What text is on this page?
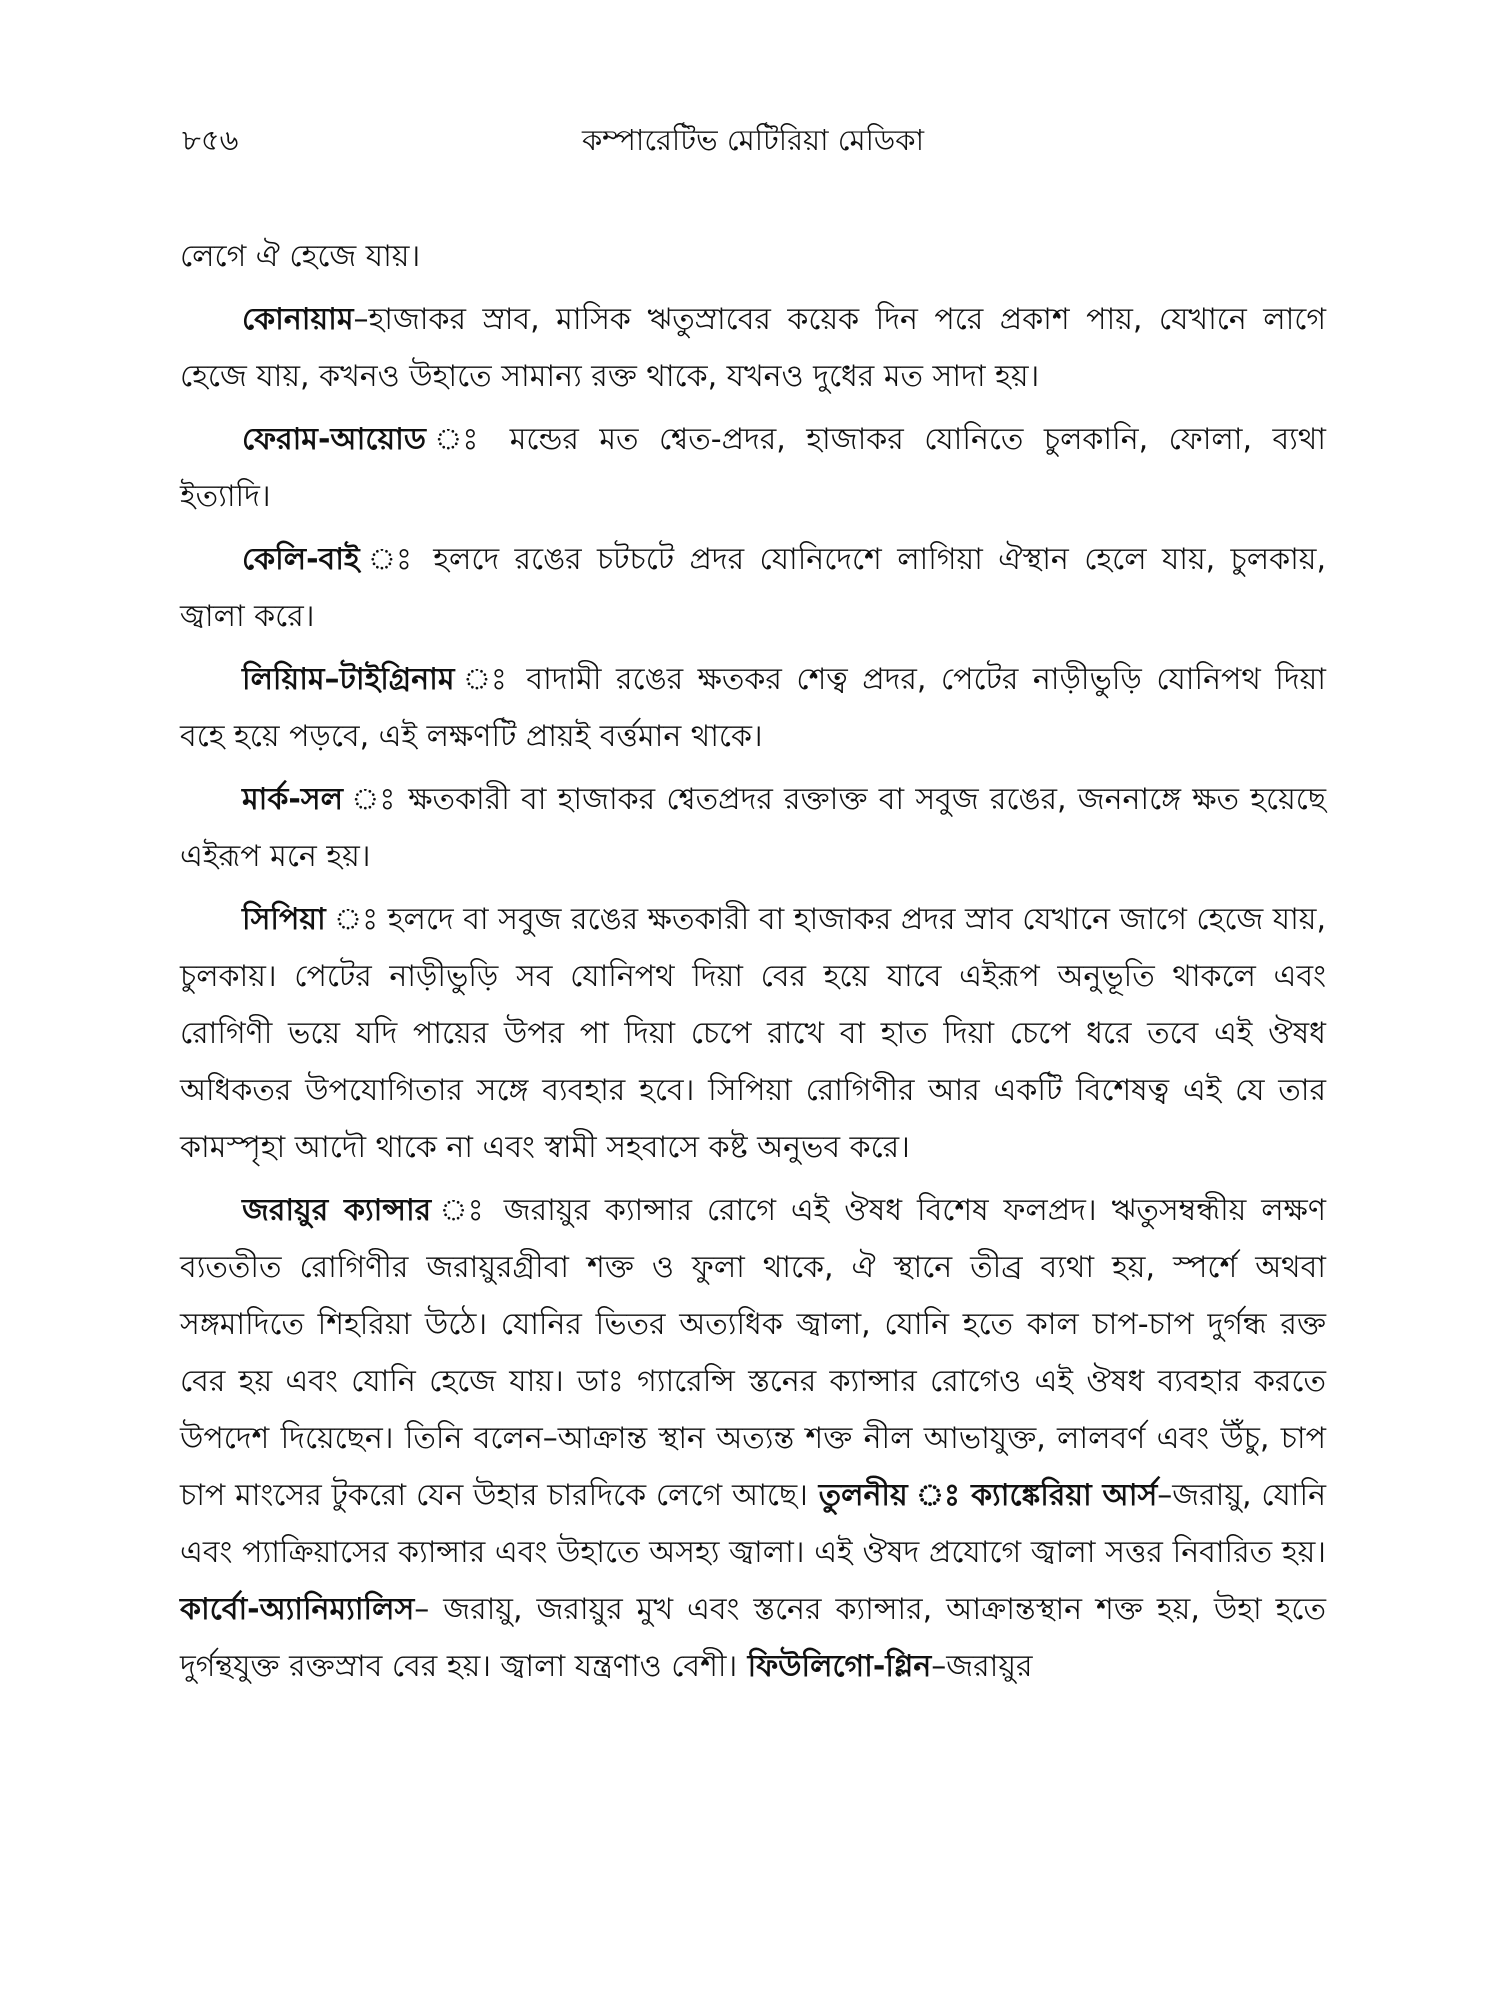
৮৫৬	কম্পারেটিভ মেটিরিয়া মেডিকা

লেগে ঐ হেজে যায়।

কোনায়াম–হাজাকর স্রাব, মাসিক ঋতুস্রাবের কয়েক দিন পরে প্রকাশ পায়, যেখানে লাগে হেজে যায়, কখনও উহাতে সামান্য রক্ত থাকে, যখনও দুধের মত সাদা হয়।

ফেরাম-আয়োড ঃ মন্ডের মত শ্বেত-প্রদর, হাজাকর যোনিতে চুলকানি, ফোলা, ব্যথা ইত্যাদি।

কেলি-বাই ঃ হলদে রঙের চটচটে প্রদর যোনিদেশে লাগিয়া ঐস্থান হেলে যায়, চুলকায়, জ্বালা করে।

লিয়িাম–টাইগ্রিনাম ঃ বাদামী রঙের ক্ষতকর শেত্ব প্রদর, পেটের নাড়ীভুড়ি যোনিপথ দিয়া বহে হয়ে পড়বে, এই লক্ষণটি প্রায়ই বর্ত্তমান থাকে।

মার্ক-সল ঃ ক্ষতকারী বা হাজাকর শ্বেতপ্রদর রক্তাক্ত বা সবুজ রঙের, জননাঙ্গে ক্ষত হয়েছে এইরূপ মনে হয়।

সিপিয়া ঃ হলদে বা সবুজ রঙের ক্ষতকারী বা হাজাকর প্রদর স্রাব যেখানে জাগে হেজে যায়, চুলকায়। পেটের নাড়ীভুড়ি সব যোনিপথ দিয়া বের হয়ে যাবে এইরূপ অনুভূতি থাকলে এবং রোগিণী ভয়ে যদি পায়ের উপর পা দিয়া চেপে রাখে বা হাত দিয়া চেপে ধরে তবে এই ঔষধ অধিকতর উপযোগিতার সঙ্গে ব্যবহার হবে। সিপিয়া রোগিণীর আর একটি বিশেষত্ব এই যে তার কামস্পৃহা আদৌ থাকে না এবং স্বামী সহবাসে কষ্ট অনুভব করে।

জরায়ুর ক্যান্সার ঃ জরায়ুর ক্যান্সার রোগে এই ঔষধ বিশেষ ফলপ্রদ। ঋতুসম্বন্ধীয় লক্ষণ ব্যততীত রোগিণীর জরায়ুরগ্রীবা শক্ত ও ফুলা থাকে, ঐ স্থানে তীব্র ব্যথা হয়, স্পর্শে অথবা সঙ্গমাদিতে শিহরিয়া উঠে। যোনির ভিতর অত্যধিক জ্বালা, যোনি হতে কাল চাপ-চাপ দুর্গন্ধ রক্ত বের হয় এবং যোনি হেজে যায়। ডাঃ গ্যারেন্সি স্তনের ক্যান্সার রোগেও এই ঔষধ ব্যবহার করতে উপদেশ দিয়েছেন। তিনি বলেন–আক্রান্ত স্থান অত্যন্ত শক্ত নীল আভাযুক্ত, লালবর্ণ এবং উঁচু, চাপ চাপ মাংসের টুকরো যেন উহার চারদিকে লেগে আছে। তুলনীয় ঃ ক্যাঙ্কেরিয়া আর্স–জরায়ু, যোনি এবং প্যাক্রিয়াসের ক্যান্সার এবং উহাতে অসহ্য জ্বালা। এই ঔষদ প্রযোগে জ্বালা সত্তর নিবারিত হয়। কার্বো-অ্যানিম্যালিস– জরায়ু, জরায়ুর মুখ এবং স্তনের ক্যান্সার, আক্রান্তস্থান শক্ত হয়, উহা হতে দুর্গন্থযুক্ত রক্তস্রাব বের হয়। জ্বালা যন্ত্রণাও বেশী। ফিউলিগো-গ্লিন–জরায়ুর
